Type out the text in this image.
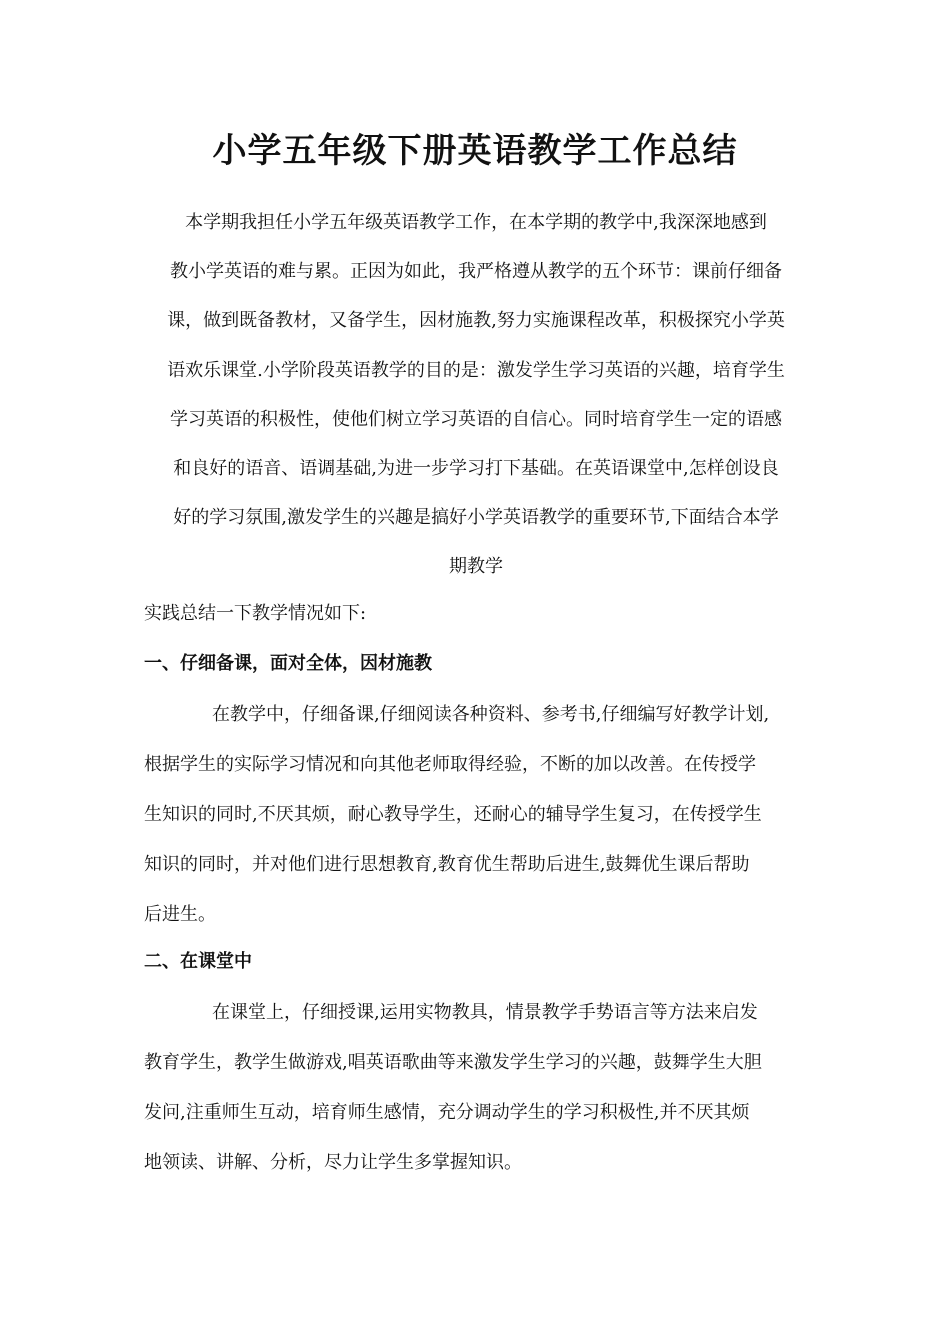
小学五年级下册英语教学工作总结
本学期我担任小学五年级英语教学工作，在本学期的教学中,我深深地感到
教小学英语的难与累。正因为如此，我严格遵从教学的五个环节：课前仔细备
课，做到既备教材，又备学生，因材施教,努力实施课程改革，积极探究小学英
语欢乐课堂.小学阶段英语教学的目的是：激发学生学习英语的兴趣，培育学生
学习英语的积极性，使他们树立学习英语的自信心。同时培育学生一定的语感
和良好的语音、语调基础,为进一步学习打下基础。在英语课堂中,怎样创设良
好的学习氛围,激发学生的兴趣是搞好小学英语教学的重要环节,下面结合本学
期教学
实践总结一下教学情况如下:
一、仔细备课，面对全体，因材施教
在教学中，仔细备课,仔细阅读各种资料、参考书,仔细编写好教学计划,
根据学生的实际学习情况和向其他老师取得经验，不断的加以改善。在传授学
生知识的同时,不厌其烦，耐心教导学生，还耐心的辅导学生复习，在传授学生
知识的同时，并对他们进行思想教育,教育优生帮助后进生,鼓舞优生课后帮助
后进生。
二、在课堂中
在课堂上，仔细授课,运用实物教具，情景教学手势语言等方法来启发
教育学生，教学生做游戏,唱英语歌曲等来激发学生学习的兴趣，鼓舞学生大胆
发问,注重师生互动，培育师生感情，充分调动学生的学习积极性,并不厌其烦
地领读、讲解、分析，尽力让学生多掌握知识。
